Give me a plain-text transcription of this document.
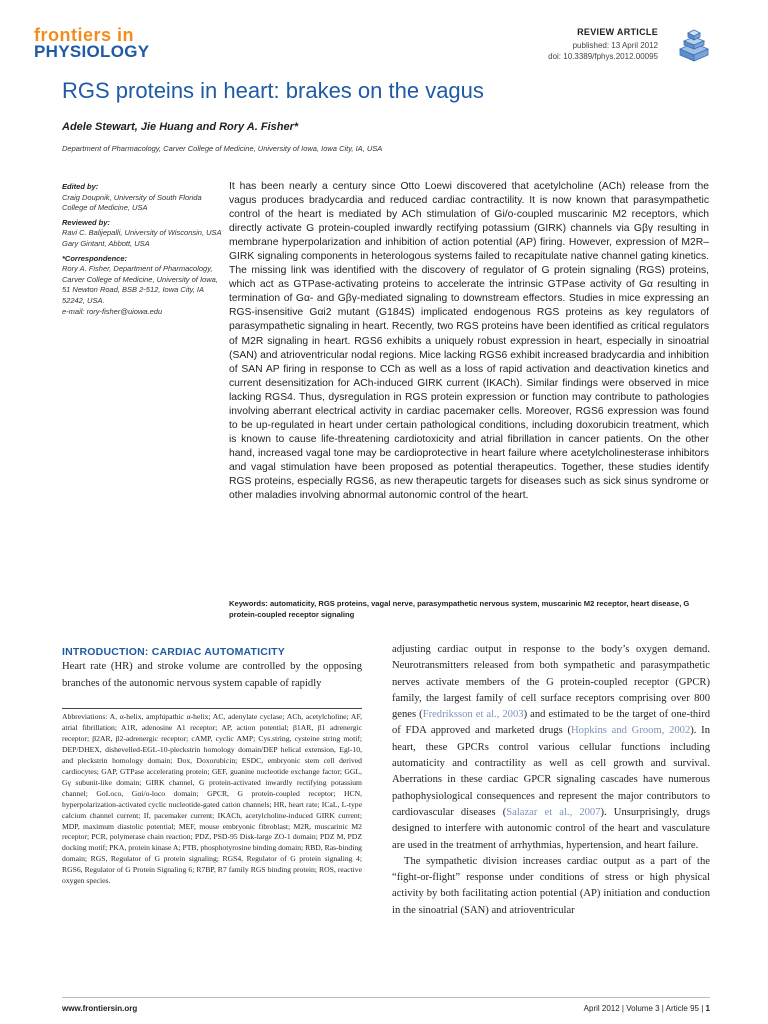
frontiers in
PHYSIOLOGY
REVIEW ARTICLE
published: 13 April 2012
doi: 10.3389/fphys.2012.00095
RGS proteins in heart: brakes on the vagus
Adele Stewart, Jie Huang and Rory A. Fisher*
Department of Pharmacology, Carver College of Medicine, University of Iowa, Iowa City, IA, USA
Edited by:

Craig Doupnik, University of South Florida College of Medicine, USA

Reviewed by:

Ravi C. Balijepalli, University of Wisconsin, USA

Gary Gintant, Abbott, USA

*Correspondence:

Rory A. Fisher, Department of Pharmacology, Carver College of Medicine, University of Iowa, 51 Newton Road, BSB 2-512, Iowa City, IA 52242, USA.

e-mail: rory-fisher@uiowa.edu

It has been nearly a century since Otto Loewi discovered that acetylcholine (ACh) release from the vagus produces bradycardia and reduced cardiac contractility. It is now known that parasympathetic control of the heart is mediated by ACh stimulation of Gi/o-coupled muscarinic M2 receptors, which directly activate G protein-coupled inwardly rectifying potassium (GIRK) channels via Gβγ resulting in membrane hyperpolarization and inhibition of action potential (AP) firing. However, expression of M2R–GIRK signaling components in heterologous systems failed to recapitulate native channel gating kinetics. The missing link was identified with the discovery of regulator of G protein signaling (RGS) proteins, which act as GTPase-activating proteins to accelerate the intrinsic GTPase activity of Gα resulting in termination of Gα- and Gβγ-mediated signaling to downstream effectors. Studies in mice expressing an RGS-insensitive Gαi2 mutant (G184S) implicated endogenous RGS proteins as key regulators of parasympathetic signaling in heart. Recently, two RGS proteins have been identified as critical regulators of M2R signaling in heart. RGS6 exhibits a uniquely robust expression in heart, especially in sinoatrial (SAN) and atrioventricular nodal regions. Mice lacking RGS6 exhibit increased bradycardia and inhibition of SAN AP firing in response to CCh as well as a loss of rapid activation and deactivation kinetics and current desensitization for ACh-induced GIRK current (IKACh). Similar findings were observed in mice lacking RGS4. Thus, dysregulation in RGS protein expression or function may contribute to pathologies involving aberrant electrical activity in cardiac pacemaker cells. Moreover, RGS6 expression was found to be up-regulated in heart under certain pathological conditions, including doxorubicin treatment, which is known to cause life-threatening cardiotoxicity and atrial fibrillation in cancer patients. On the other hand, increased vagal tone may be cardioprotective in heart failure where acetylcholinesterase inhibitors and vagal stimulation have been proposed as potential therapeutics. Together, these studies identify RGS proteins, especially RGS6, as new therapeutic targets for diseases such as sick sinus syndrome or other maladies involving abnormal autonomic control of the heart.

Keywords: automaticity, RGS proteins, vagal nerve, parasympathetic nervous system, muscarinic M2 receptor, heart disease, G protein-coupled receptor signaling
INTRODUCTION: CARDIAC AUTOMATICITY

Heart rate (HR) and stroke volume are controlled by the opposing branches of the autonomic nervous system capable of rapidly

Abbreviations: A, α-helix, amphipathic α-helix; AC, adenylate cyclase; ACh, acetylcholine; AF, atrial fibrillation; A1R, adenosine A1 receptor; AP, action potential; β1AR, β1 adrenergic receptor; β2AR, β2-adrenergic receptor; cAMP, cyclic AMP; Cys.string, cysteine string motif; DEP/DHEX, dishevelled-EGL-10-pleckstrin homology domain/DEP helical extension, Egl-10, and pleckstrin homology domain; Dox, Doxorubicin; ESDC, embryonic stem cell derived cardiocytes; GAP, GTPase accelerating protein; GEF, guanine nucleotide exchange factor; GGL, Gγ subunit-like domain; GIRK channel, G protein-activated inwardly rectifying potassium channel; GoLoco, Gαi/o-loco domain; GPCR, G protein-coupled receptor; HCN, hyperpolarization-activated cyclic nucleotide-gated cation channels; HR, heart rate; ICaL, L-type calcium channel current; If, pacemaker current; IKACh, acetylcholine-induced GIRK current; MDP, maximum diastolic potential; MEF, mouse embryonic fibroblast; M2R, muscarinic M2 receptor; PCR, polymerase chain reaction; PDZ, PSD-95 Disk-large ZO-1 domain; PDZ M, PDZ docking motif; PKA, protein kinase A; PTB, phosphotyrosine binding domain; RBD, Ras-binding domain; RGS, Regulator of G protein signaling; RGS4, Regulator of G protein signaling 4; RGS6, Regulator of G Protein Signaling 6; R7BP, R7 family RGS binding protein; ROS, reactive oxygen species.

adjusting cardiac output in response to the body’s oxygen demand. Neurotransmitters released from both sympathetic and parasympathetic nerves activate members of the G protein-coupled receptor (GPCR) family, the largest family of cell surface receptors comprising over 800 genes (Fredriksson et al., 2003) and estimated to be the target of one-third of FDA approved and marketed drugs (Hopkins and Groom, 2002). In heart, these GPCRs control various cellular functions including automaticity and contractility as well as cell growth and survival. Aberrations in these cardiac GPCR signaling cascades have numerous pathophysiological consequences and represent the major contributors to cardiovascular diseases (Salazar et al., 2007). Unsurprisingly, drugs designed to interfere with autonomic control of the heart and vasculature are used in the treatment of arrhythmias, hypertension, and heart failure.

The sympathetic division increases cardiac output as a part of the “fight-or-flight” response under conditions of stress or high physical activity by both facilitating action potential (AP) initiation and conduction in the sinoatrial (SAN) and atrioventricular

www.frontiersin.org	April 2012 | Volume 3 | Article 95 | 1
